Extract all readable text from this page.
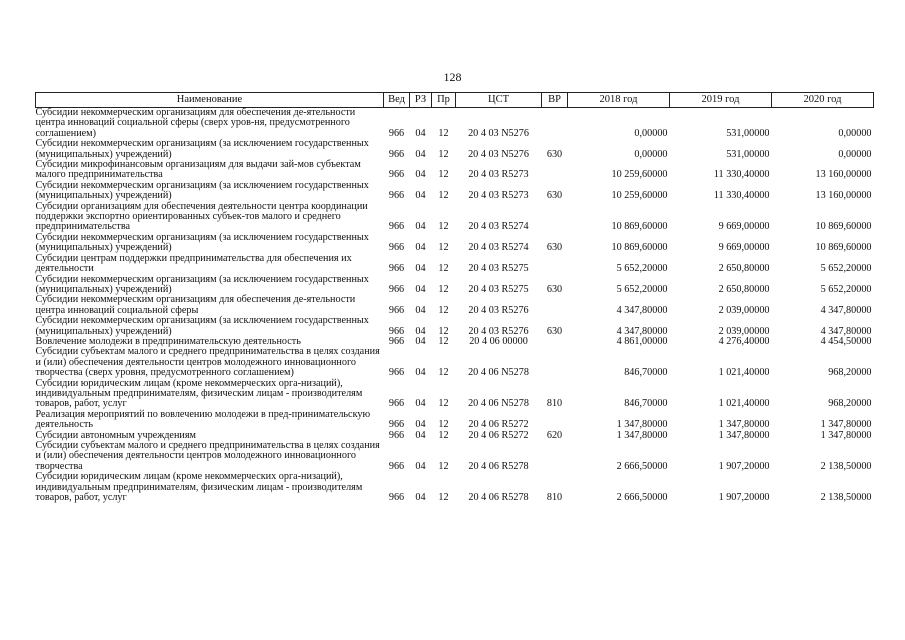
128
Наименование	Вед	РЗ	Пр	ЦСТ	ВР	2018 год	2019 год	2020 год
Субсидии некоммерческим организациям для обеспечения де-ятельности центра инноваций социальной сферы (сверх уров-ня, предусмотренного соглашением)	966	04	12	20 4 03 N5276		0,00000	531,00000	0,00000
Субсидии некоммерческим организациям (за исключением государственных (муниципальных) учреждений)	966	04	12	20 4 03 N5276	630	0,00000	531,00000	0,00000
Субсидии микрофинансовым организациям для выдачи зай-мов субъектам малого предпринимательства	966	04	12	20 4 03 R5273		10 259,60000	11 330,40000	13 160,00000
Субсидии некоммерческим организациям (за исключением государственных (муниципальных) учреждений)	966	04	12	20 4 03 R5273	630	10 259,60000	11 330,40000	13 160,00000
Субсидии организациям для обеспечения деятельности центра координации поддержки экспортно ориентированных субъек-тов малого и среднего предпринимательства	966	04	12	20 4 03 R5274		10 869,60000	9 669,00000	10 869,60000
Субсидии некоммерческим организациям (за исключением государственных (муниципальных) учреждений)	966	04	12	20 4 03 R5274	630	10 869,60000	9 669,00000	10 869,60000
Субсидии центрам поддержки предпринимательства для обеспечения их деятельности	966	04	12	20 4 03 R5275		5 652,20000	2 650,80000	5 652,20000
Субсидии некоммерческим организациям (за исключением государственных (муниципальных) учреждений)	966	04	12	20 4 03 R5275	630	5 652,20000	2 650,80000	5 652,20000
Субсидии некоммерческим организациям для обеспечения де-ятельности центра инноваций социальной сферы	966	04	12	20 4 03 R5276		4 347,80000	2 039,00000	4 347,80000
Субсидии некоммерческим организациям (за исключением государственных (муниципальных) учреждений)	966	04	12	20 4 03 R5276	630	4 347,80000	2 039,00000	4 347,80000
Вовлечение молодежи в предпринимательскую деятельность	966	04	12	20 4 06 00000		4 861,00000	4 276,40000	4 454,50000
Субсидии субъектам малого и среднего предпринимательства в целях создания и (или) обеспечения деятельности центров молодежного инновационного творчества (сверх уровня, предусмотренного соглашением)	966	04	12	20 4 06 N5278		846,70000	1 021,40000	968,20000
Субсидии юридическим лицам (кроме некоммерческих орга-низаций), индивидуальным предпринимателям, физическим лицам - производителям товаров, работ, услуг	966	04	12	20 4 06 N5278	810	846,70000	1 021,40000	968,20000
Реализация мероприятий по вовлечению молодежи в пред-принимательскую деятельность	966	04	12	20 4 06 R5272		1 347,80000	1 347,80000	1 347,80000
Субсидии автономным учреждениям	966	04	12	20 4 06 R5272	620	1 347,80000	1 347,80000	1 347,80000
Субсидии субъектам малого и среднего предпринимательства в целях создания и (или) обеспечения деятельности центров молодежного инновационного творчества	966	04	12	20 4 06 R5278		2 666,50000	1 907,20000	2 138,50000
Субсидии юридическим лицам (кроме некоммерческих орга-низаций), индивидуальным предпринимателям, физическим лицам - производителям товаров, работ, услуг	966	04	12	20 4 06 R5278	810	2 666,50000	1 907,20000	2 138,50000
